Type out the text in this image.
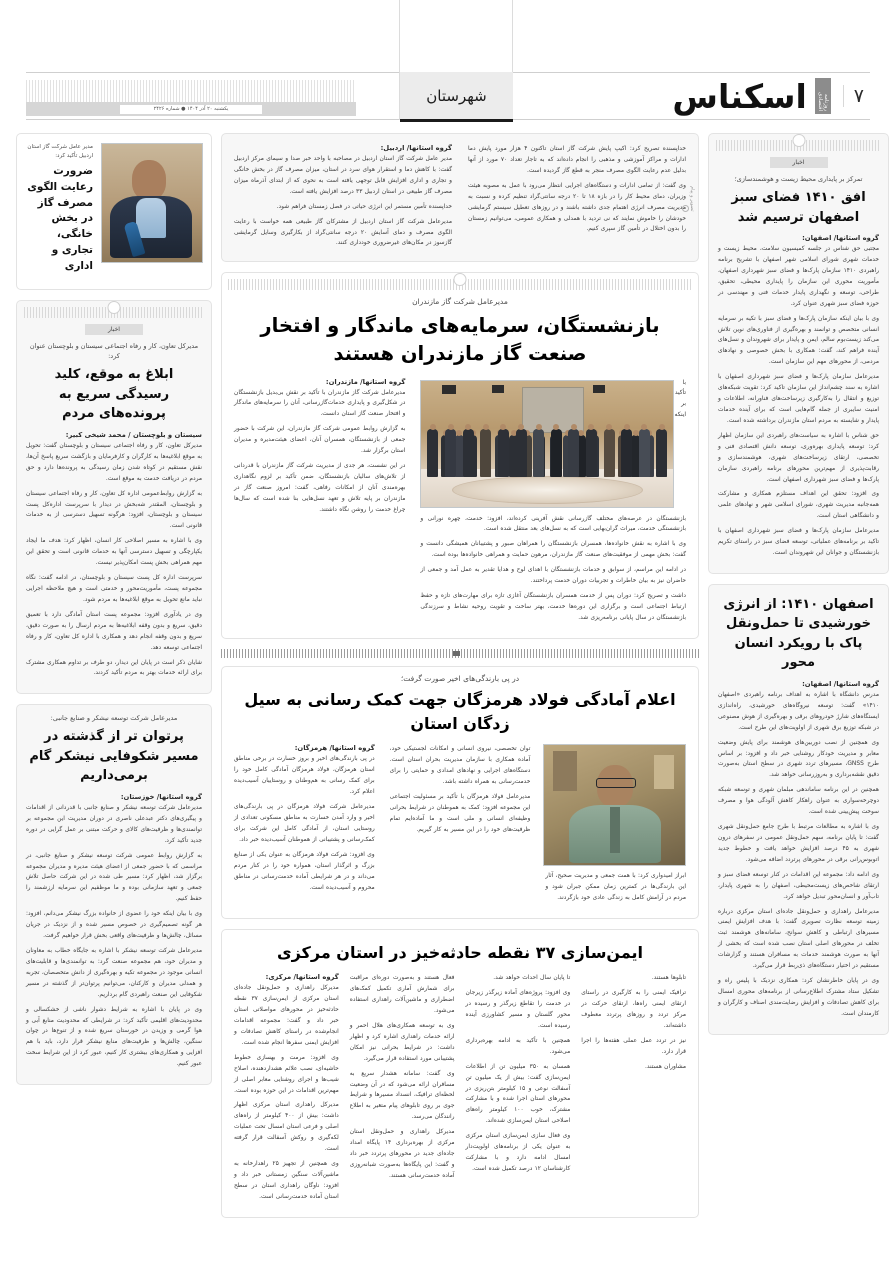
۷
روزنامه اقتصادی
اسکناس
شهرستان
یکشنبه ۲۰ آذر ۱۴۰۴ ● شماره ۲۴۲۶
مدیر عامل شرکت گاز استان اردبیل تأکید کرد:
ضرورت رعایت الگوی مصرف گاز در بخش خانگی، تجاری و اداری
اخبار
مدیرکل تعاون، کار و رفاه اجتماعی سیستان و بلوچستان عنوان کرد:
ابلاغ به موقع، کلید رسیدگی سریع به پرونده‌های مردم
سیستان و بلوچستان / محمد شیخی کبیر:

مدیرکل تعاون، کار و رفاه اجتماعی سیستان و بلوچستان گفت: تحویل به موقع ابلاغیه‌ها به کارگران و کارفرمایان و بازگشت سریع پاسخ آن‌ها، نقش مستقیم در کوتاه شدن زمان رسیدگی به پرونده‌ها دارد و حق مردم در دریافت خدمت به موقع است.

به گزارش روابط‌عمومی اداره کل تعاون، کار و رفاه اجتماعی سیستان و بلوچستان، المقتدر شه‌بخش در دیدار با سرپرست اداره‌کل پست سیستان و بلوچستان، افزود: هرگونه تسهیل دسترسی از به خدمات قانونی است.

وی با اشاره به مسیر اصلاحی کار انسان، اظهار کرد: هدف ما ایجاد یکپارچگی و تسهیل دسترسی آنها به خدمات قانونی است و تحقق این مهم همراهی بخش پست امکان‌پذیر نیست.

سرپرست اداره کل پست سیستان و بلوچستان، در ادامه گفت: نگاه مجموعه پست، مأموریت‌محور و خدمتی است و هیچ ملاحظه اجرایی نباید مانع تحویل به موقع ابلاغیه‌ها به مردم شود.

وی در یادآوری افزود: مجموعه پست استان آمادگی دارد با تعمیق دقیق، سریع و بدون وقفه ابلاغیه‌ها به مردم ارسال را به صورت دقیق، سریع و بدون وقفه انجام دهد و همکاری با اداره کل تعاون، کار و رفاه اجتماعی توسعه دهد.

شایان ذکر است در پایان این دیدار، دو طرف بر تداوم همکاری مشترک برای ارائه خدمات بهتر به مردم تأکید کردند.

مدیرعامل شرکت توسعه نیشکر و صنایع جانبی:
پرتوان تر از گذشته در مسیر شکوفایی نیشکر گام برمی‌داریم
گروه استانها/ خوزستان:

مدیرعامل شرکت توسعه نیشکر و صنایع جانبی با قدردانی از اقدامات و پیگیری‌های دکتر عبدعلی ناصری در دوران مدیریت این مجموعه بر توانمندی‌ها و ظرفیت‌های کالای و حرکت مبتنی بر عمل گرایی در دوره جدید تأکید کرد.

به گزارش روابط عمومی شرکت توسعه نیشکر و صنایع جانبی، در مراسمی که با حضور جمعی از اعضای هیئت مدیره و مدیران مجموعه برگزار شد، اظهار کرد: مسیر طی شده در این شرکت حاصل تلاش جمعی و تعهد سازمانی بوده و ما موظفیم این سرمایه ارزشمند را حفظ کنیم.

وی با بیان اینکه خود را عضوی از خانواده بزرگ نیشکر می‌دانم، افزود: هر گونه تصمیم‌گیری در خصوص مسیر شده و از نزدیک در جریان مسائل، چالش‌ها و ظرفیت‌های واقعی بخش قرار خواهیم گرفت.

مدیرعامل شرکت توسعه نیشکر با اشاره به جایگاه خطاب به معاونان و مدیران خود، هم مجموعه صنعت گرد: به توانمندی‌ها و قابلیت‌های انسانی موجود در مجموعه تکیه و بهره‌گیری از دانش متخصصان، تجربه و همدلی مدیران و کارکنان، می‌توانیم پرتوان‌تر از گذشته در مسیر شکوفایی این صنعت راهبردی گام برداریم.

وی در پایان با اشاره به شرایط دشوار ناشی از خشکسالی و محدودیت‌های اقلیمی تأکید کرد: در شرایطی که محدودیت منابع آبی و هوا گرمی و وزیدن در خورستان سریع شده و از تنوع‌ها در چوان سنگین، چالش‌ها و ظرفیت‌های منابع نیشکر قرار دارد، باید با هم افزایی و همکاری‌های بیشتری کار کنیم، عبور کرد از این شرایط سخت عبور کنیم.

تصویر و پیام
گروه استانها/ اردبیل:

مدیر عامل شرکت گاز استان اردبیل در مصاحبه با واحد خبر صدا و سیمای مرکز اردبیل گفت: با کاهش دما و استقرار هوای سرد در استان، میزان مصرف گاز در بخش خانگی و تجاری و اداری افزایش قابل توجهی یافته است به نحوی که از ابتدای آذرماه میزان مصرف گاز طبیعی در استان اردبیل ۳۳ درصد افزایش یافته است.

خداپسنده تأمین مستمر این انرژی حیاتی در فصل زمستان فراهم شود.

مدیرعامل شرکت گاز استان اردبیل از مشترکان گاز طبیعی همه خواست با رعایت الگوی مصرف و دمای آسایش ۲۰ درجه سانتی‌گراد از بکارگیری وسایل گرمایشی گازسوز در مکان‌های غیرضروری خودداری کنند.

خداپسنده تصریح کرد: اکیپ پایش شرکت گاز استان تاکنون ۴ هزار مورد پایش دما ادارات و مراکز آموزشی و مذهبی را انجام داده‌اند که به تاجار تعداد ۷۰ مورد از آنها بدلیل عدم رعایت الگوی مصرف منجر به قطع گاز گردیده است.

وی گفت: از تمامی ادارات و دستگاه‌های اجرایی انتظار می‌رود با عمل به مصوبه هیئت وزیران، دمای محیط کار را در بازه ۱۸ تا ۲۰ درجه سانتی‌گراد تنظیم کرده و نسبت به مدیریت مصرف انرژی اهتمام جدی داشته باشند و در روزهای تعطیل سیستم گرمایشی خودشان را خاموش نمایند که نی تردید با همدلی و همکاری عمومی، می‌توانیم زمستان را بدون اختلال در تأمین گاز سپری کنیم.

مدیرعامل شرکت گاز مازندران
بازنشستگان، سرمایه‌های ماندگار و افتخار صنعت گاز مازندران هستند
گروه استانها/ مازندران:

مدیرعامل شرکت گاز مازندران با تأکید بر نقش بی‌بدیل بازنشستگان در شکل‌گیری و پایداری خدمات‌گازرسانی، آنان را سرمایه‌های ماندگار و افتخار صنعت گاز استان دانست.

به گزارش روابط عمومی شرکت گاز مازندران، این شرکت با حضور جمعی از بازنشستگان، همسران آنان، اعضای هیئت‌مدیره و مدیران استان برگزار شد.

در این نشست، هر جدی از مدیریت شرکت گاز مازندران با قدردانی از تلاش‌های سالیان بازنشستگان، ضمن تأکید بر لزوم نگاهداری بهره‌مندی آنان از امکانات رفاهی، گفت: امروز صنعت گاز در مازندران بر پایه تلاش و تعهد نسل‌هایی بنا شده است که سال‌ها چراغ خدمت را روشن نگاه داشتند.

با تأکید بر اینکه بازنشستگان در عرصه‌های مختلف گازرسانی نقش آفرینی کرده‌اند، افزود: خدمت، چهره نورانی و بازنشستگی خدمت، میراث گران‌بهایی است که به نسل‌های بعد منتقل شده است.

وی با اشاره به نقش خانواده‌ها، همسران بازنشستگان را همراهان صبور و پشتیبانان همیشگی دانست و گفت: بخش مهمی از موفقیت‌های صنعت گاز مازندران، مرهون حمایت و همراهی خانواده‌ها بوده است.

در ادامه این مراسم، از سوابق و خدمات بازنشستگان با اهدای لوح و هدایا تقدیر به عمل آمد و جمعی از حاضران نیز به بیان خاطرات و تجربیات دوران خدمت پرداختند.

داشت و تصریح کرد: دوران پس از خدمت همسران بازنشستگان آغازی تازه برای مهارت‌های تازه و حفظ ارتباط اجتماعی است و برگزاری این دوره‌ها خدمت، بهتر ساخت و تقویت روحیه نشاط و سرزندگی بازنشستگان در سال پایانی برنامه‌ریزی شد.

در پی بارندگی‌های اخیر صورت گرفت؛
اعلام آمادگی فولاد هرمزگان جهت کمک رسانی به سیل زدگان استان
گروه استانها/ هرمزگان:

در پی بارندگی‌های اخیر و بروز خسارت در برخی مناطق استان هرمزگان، فولاد هرمزگان آمادگی کامل خود را برای کمک رسانی به هم‌وطنان و روستاییان آسیب‌دیده اعلام کرد.

مدیرعامل شرکت فولاد هرمزگان در پی بارندگی‌های اخیر و وارد آمدن خسارت به مناطق مسکونی تعدادی از روستایی استان، از آمادگی کامل این شرکت برای کمک‌رسانی و پشتیبانی از هموطنان آسیب‌دیده خبر داد.

وی افزود: شرکت فولاد هرمزگان به عنوان یکی از صنایع بزرگ و اثرگذار استان، همواره خود را در کنار مردم می‌داند و در هر شرایطی آماده خدمت‌رسانی در مناطق محروم و آسیب‌دیده است.

توان تخصصی، نیروی انسانی و امکانات لجستیکی خود، آماده همکاری با سازمان مدیریت بحران استان است. دستگاه‌های اجرایی و نهادهای امدادی و حمایتی را برای خدمت‌رسانی به همراه داشته باشد.

مدیرعامل فولاد هرمزگان با تأکید بر مسئولیت اجتماعی این مجموعه افزود: کمک به هموطنان در شرایط بحرانی وظیفه‌ای انسانی و ملی است و ما آماده‌ایم تمام ظرفیت‌های خود را در این مسیر به کار گیریم.

ابراز امیدواری کرد: با همت جمعی و مدیریت صحیح، آثار این بارندگی‌ها در کمترین زمان ممکن جبران شود و مردم در آرامش کامل به زندگی عادی خود بازگردند.

ایمن‌سازی ۳۷ نقطه حادثه‌خیز در استان مرکزی
گروه استانها/ مرکزی:

مدیرکل راهداری و حمل‌ونقل جاده‌ای استان مرکزی از ایمن‌سازی ۳۷ نقطه حادثه‌خیز در محورهای مواصلاتی استان خبر داد و گفت: مجموعه اقدامات انجام‌شده در راستای کاهش تصادفات و افزایش ایمنی سفرها انجام شده است.

وی افزود: مرمت و بهسازی خطوط حاشیه‌ای، نصب علائم هشداردهنده، اصلاح شیب‌ها و اجرای روشنایی معابر اصلی از مهم‌ترین اقدامات در این حوزه بوده است.

مدیرکل راهداری استان مرکزی اظهار داشت: بیش از ۴۰۰ کیلومتر از راه‌های اصلی و فرعی استان امسال تحت عملیات لکه‌گیری و روکش آسفالت قرار گرفته است.

وی همچنین از تجهیز ۲۵ راهدارخانه به ماشین‌آلات سنگین زمستانی خبر داد و افزود: ناوگان راهداری استان در سطح استان آماده خدمت‌رسانی است.

فعال هستند و به‌صورت دوره‌ای مراقبت برای شمارش آماری تکمیل کمک‌های اضطراری و ماشین‌آلات راهداری استفاده می‌شود.

وی به توسعه همکاری‌های هلال احمر و ارائه خدمات راهداری اشاره کرد و اظهار داشت: در شرایط بحرانی نیز امکان پشتیبانی مورد استفاده قرار می‌گیرد.

وی گفت: سامانه هشدار سریع به مسافران ارائه می‌شود که در آن وضعیت لحظه‌ای ترافیک، انسداد مسیرها و شرایط جوی بر روی تابلوهای پیام متغیر به اطلاع رانندگان می‌رسد.

مدیرکل راهداری و حمل‌ونقل استان مرکزی از بهره‌برداری ۱۴ پایگاه امداد جاده‌ای جدید در محورهای پرتردد خبر داد و گفت: این پایگاه‌ها به‌صورت شبانه‌روزی آماده خدمت‌رسانی هستند.

تا پایان سال احداث خواهد شد.

وی افزود: پروژه‌های آماده زیرگذر زیرجان در خدمت را تقاطع زیرگذر و رسیده در محور گلستان و مسیر کشاورزی آینده رسیده است.

همچنین با تأکید به ادامه بهره‌برداری می‌شود.

همسان به ۳۵۰ میلیون تن از اطلاعات ایمن‌سازی گفت: بیش از یک میلیون تن آسفالت نوعی و ۱۵ کیلومتر بتن‌ریزی در محورهای استان اجرا شده و با مشارکت مشترک، خوب ۱۰۰ کیلومتر راه‌های اصلاحی استان ایمن‌سازی شده‌اند.

وی فعال سازی ایمن‌سازی استان مرکزی به عنوان یکی از برنامه‌های اولویت‌دار امسال ادامه دارد و با مشارکت کارشناسان ۱۲ درصد تکمیل شده است.

تابلوها هستند.

ترافیک ایمنی را به کارگیری در راستای ارتقای ایمنی راه‌ها، ارتقای حرکت در مرکز تردد و روزهای پرتردد معطوف داشته‌اند.

نیز در تردد عمل عملی هفته‌ها را اجرا قرار دارد.

مشاوران هستند.

اخبار
تمرکز بر پایداری محیط زیست و هوشمندسازی؛
افق ۱۴۱۰ فضای سبز اصفهان ترسیم شد
گروه استانها/ اصفهان:

مجتبی حق شناس در جلسه کمیسیون سلامت، محیط زیست و خدمات شهری شورای اسلامی شهر اصفهان با تشریح برنامه راهبردی ۱۴۱۰ سازمان پارک‌ها و فضای سبز شهرداری اصفهان، مأموریت محوری این سازمان را پایداری محیطی، تحقیق، طراحی، توسعه و نگهداری پایدار خدمات فنی و مهندسی در حوزه فضای سبز شهری عنوان کرد.

وی با بیان اینکه سازمان پارک‌ها و فضای سبز با تکیه بر سرمایه انسانی متخصص و توانمند و بهره‌گیری از فناوری‌های نوین تلاش می‌کند زیست‌بوم سالم، ایمن و پایدار برای شهروندان و نسل‌های آینده فراهم کند، گفت: همکاری با بخش خصوصی و نهادهای مردمی، از محورهای مهم این سازمان است.

مدیرعامل سازمان پارک‌ها و فضای سبز شهرداری اصفهان با اشاره به سند چشم‌انداز این سازمان تاکید کرد: تقویت شبکه‌های توزیع و انتقال را به‌کارگیری زیرساخت‌های فناورانه، اطلاعات و امنیت سایبری از جمله گام‌هایی است که برای آینده خدمات پایدار و شایسته به مردم استان مازندران برداشته شده است.

حق شناس با اشاره به سیاست‌های راهبردی این سازمان اظهار کرد: توسعه پایداری بهره‌وری، توسعه دانش اقتصادی فنی و تخصصی، ارتقای زیرساخت‌های شهری، هوشمندسازی و رقابت‌پذیری از مهم‌ترین محورهای برنامه راهبردی سازمان پارک‌ها و فضای سبز شهرداری اصفهان است.

وی افزود: تحقق این اهداف مستلزم همکاری و مشارکت همه‌جانبه مدیریت شهری، شورای اسلامی شهر و نهادهای علمی و دانشگاهی استان است.

مدیرعامل سازمان پارک‌ها و فضای سبز شهرداری اصفهان با تاکید بر برنامه‌های عملیاتی، توسعه فضای سبز در راستای تکریم بازنشستگان و جوانان این شهروندان است.

اصفهان ۱۴۱۰: از انرژی خورشیدی تا حمل‌ونقل پاک با رویکرد انسان محور
گروه استانها/ اصفهان:

مدرس دانشگاه با اشاره به اهداف برنامه راهبردی «اصفهان ۱۴۱۰» گفت: توسعه نیروگاه‌های خورشیدی، راه‌اندازی ایستگاه‌های شارژ خودروهای برقی و بهره‌گیری از هوش مصنوعی در شبکه توزیع برق شهری از اولویت‌های این طرح است.

وی همچنین از نصب دوربین‌های هوشمند برای پایش وضعیت معابر و مدیریت خودکار روشنایی خبر داد و افزود: بر اساس طرح GNSS، مسیرهای تردد شهری در سطح استان به‌صورت دقیق نقشه‌برداری و به‌روزرسانی خواهد شد.

همچنین در این برنامه ساماندهی مبلمان شهری و توسعه شبکه دوچرخه‌سواری به عنوان راهکار کاهش آلودگی هوا و مصرف سوخت پیش‌بینی شده است.

وی با اشاره به مطالعات مرتبط با طرح جامع حمل‌ونقل شهری گفت: تا پایان برنامه، سهم حمل‌ونقل عمومی در سفرهای درون شهری به ۴۵ درصد افزایش خواهد یافت و خطوط جدید اتوبوس‌رانی برقی در محورهای پرتردد اضافه می‌شود.

وی ادامه داد: مجموعه این اقدامات در کنار توسعه فضای سبز و ارتقای شاخص‌های زیست‌محیطی، اصفهان را به شهری پایدار، تاب‌آور و انسان‌محور تبدیل خواهد کرد.

مدیرعامل راهداری و حمل‌ونقل جاده‌ای استان مرکزی درباره زمینه توسعه نظارت تصویری گفت: با هدف افزایش ایمنی مسیرهای ارتباطی و کاهش سوانح، سامانه‌های هوشمند ثبت تخلف در محورهای اصلی استان نصب شده است که بخشی از آنها به صورت هوشمند خدمات به مسافران هستند و گزارشات مستقیم در اختیار دستگاه‌های ذی‌ربط قرار می‌گیرد.

وی در پایان خاطرنشان کرد: همکاری نزدیک با پلیس راه و تشکیل ستاد مشترک اطلاع‌رسانی از برنامه‌های محوری امسال برای کاهش تصادفات و افزایش رضایت‌مندی اصناف و کارگران و کارمندان است.
